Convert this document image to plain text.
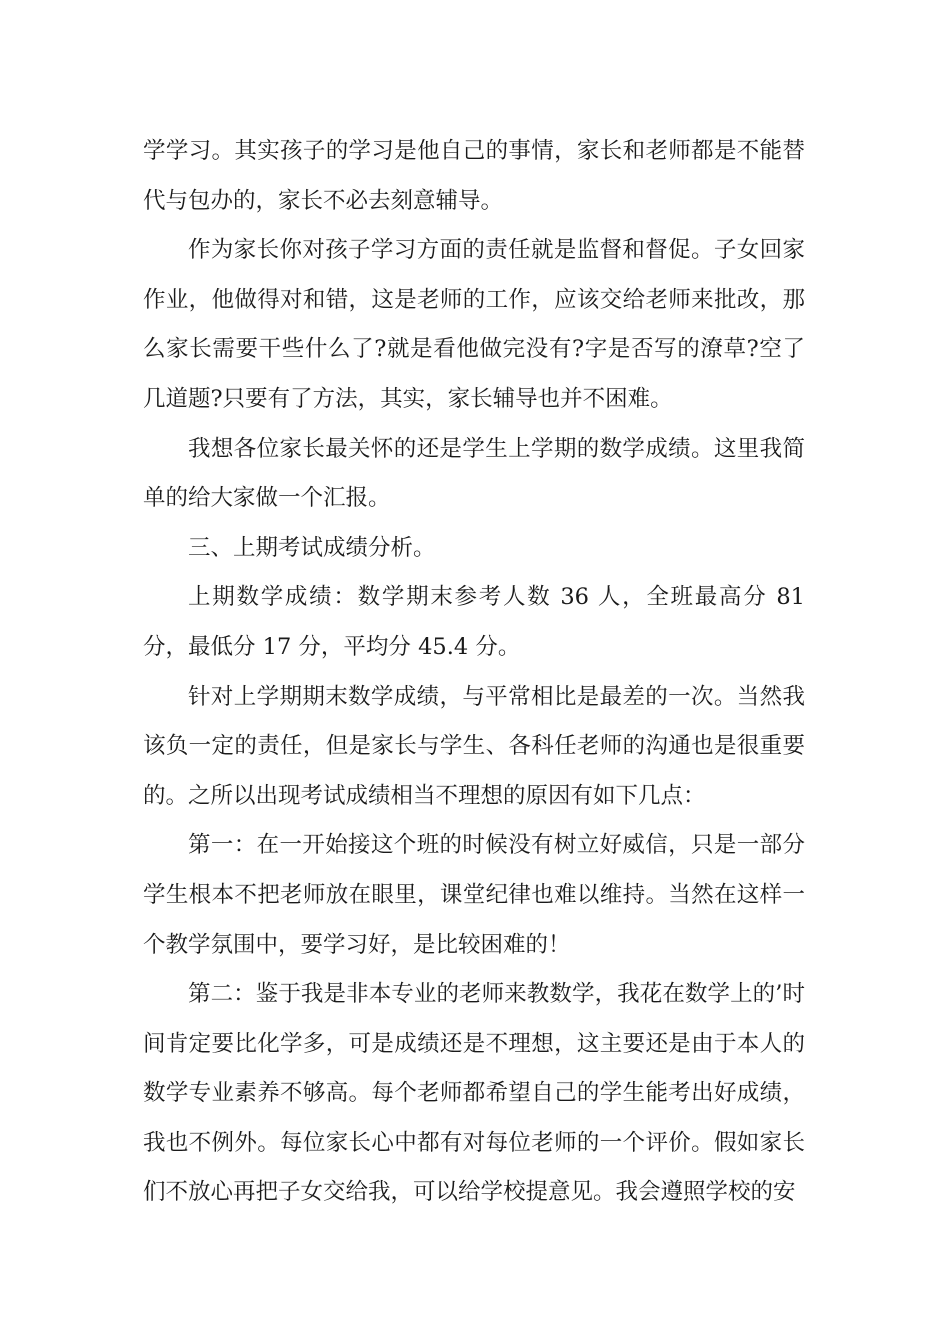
学学习。其实孩子的学习是他自己的事情，家长和老师都是不能替代与包办的，家长不必去刻意辅导。

作为家长你对孩子学习方面的责任就是监督和督促。子女回家作业，他做得对和错，这是老师的工作，应该交给老师来批改，那么家长需要干些什么了?就是看他做完没有?字是否写的潦草?空了几道题?只要有了方法，其实，家长辅导也并不困难。

我想各位家长最关怀的还是学生上学期的数学成绩。这里我简单的给大家做一个汇报。

三、上期考试成绩分析。

上期数学成绩：数学期末参考人数 36 人，全班最高分 81 分，最低分 17 分，平均分 45.4 分。

针对上学期期末数学成绩，与平常相比是最差的一次。当然我该负一定的责任，但是家长与学生、各科任老师的沟通也是很重要的。之所以出现考试成绩相当不理想的原因有如下几点：

第一：在一开始接这个班的时候没有树立好威信，只是一部分学生根本不把老师放在眼里，课堂纪律也难以维持。当然在这样一个教学氛围中，要学习好，是比较困难的！

第二：鉴于我是非本专业的老师来教数学，我花在数学上的’时间肯定要比化学多，可是成绩还是不理想，这主要还是由于本人的数学专业素养不够高。每个老师都希望自己的学生能考出好成绩，我也不例外。每位家长心中都有对每位老师的一个评价。假如家长们不放心再把子女交给我，可以给学校提意见。我会遵照学校的安
